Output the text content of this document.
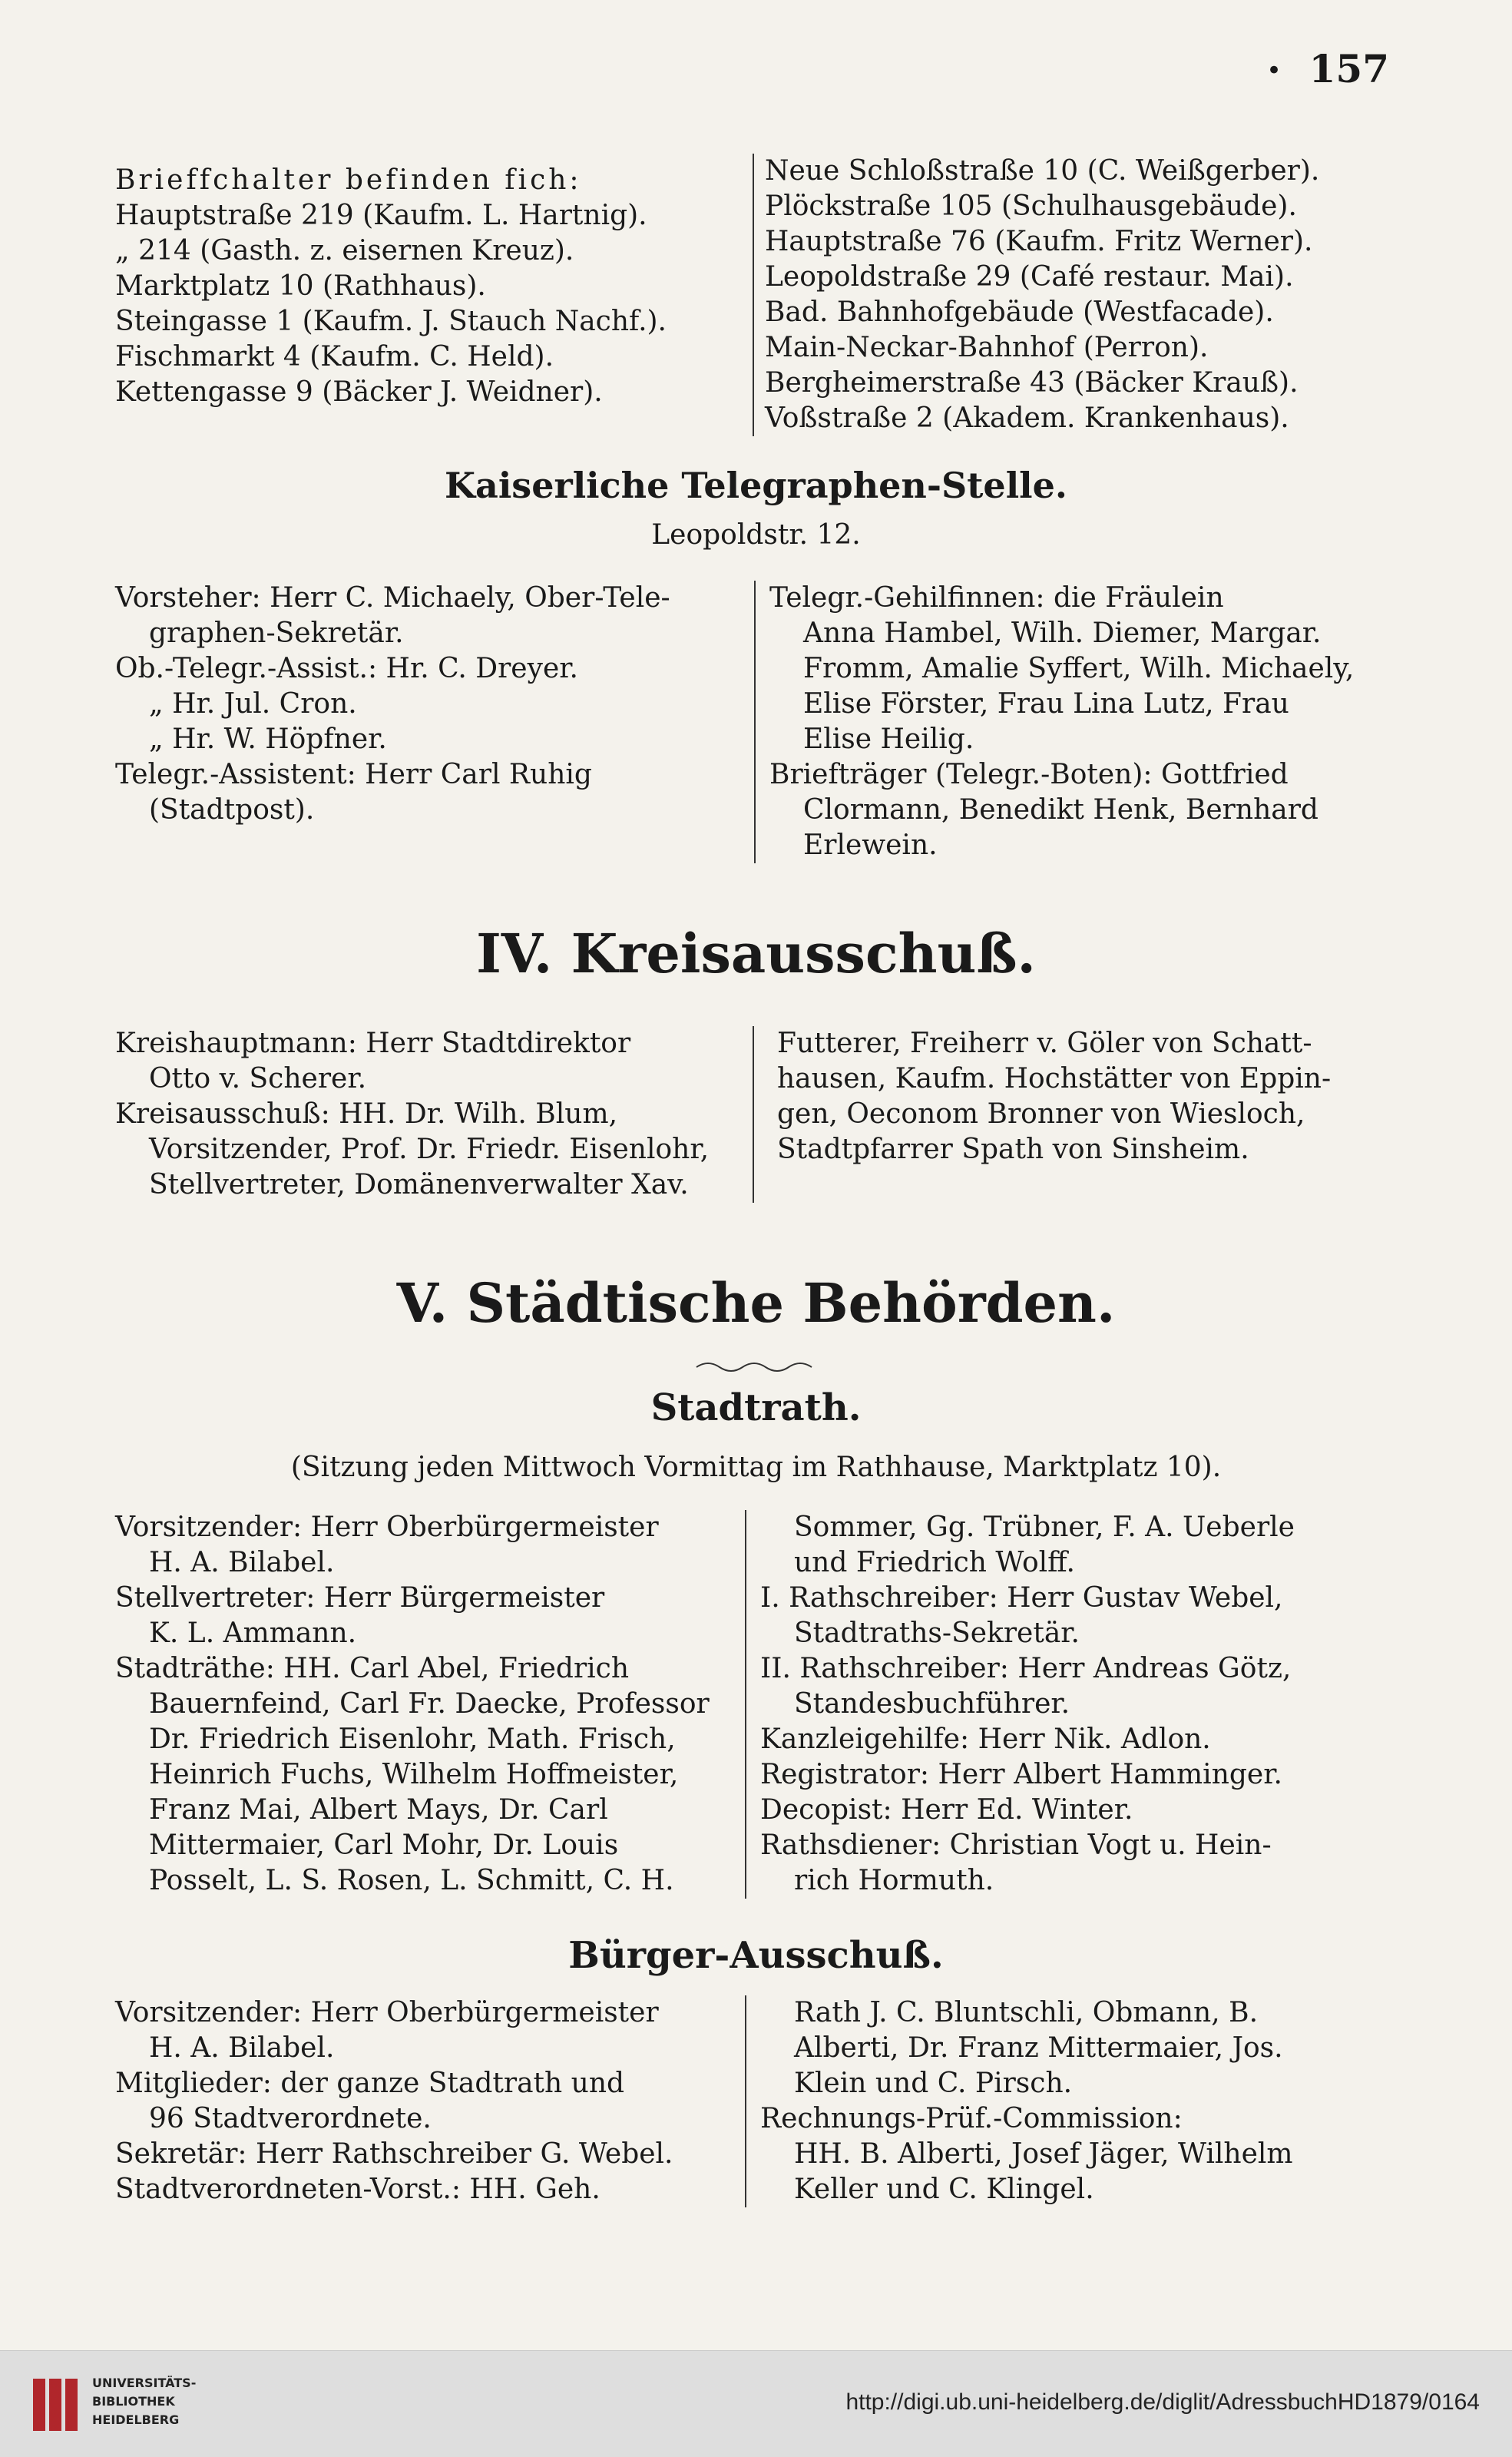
• 157
Brieffchalter befinden fich:
Hauptstraße 219 (Kaufm. L. Hartnig).
„ 214 (Gasth. z. eisernen Kreuz).
Marktplatz 10 (Rathhaus).
Steingasse 1 (Kaufm. J. Stauch Nachf.).
Fischmarkt 4 (Kaufm. C. Held).
Kettengasse 9 (Bäcker J. Weidner).
Neue Schloßstraße 10 (C. Weißgerber).
Plöckstraße 105 (Schulhausgebäude).
Hauptstraße 76 (Kaufm. Fritz Werner).
Leopoldstraße 29 (Café restaur. Mai).
Bad. Bahnhofgebäude (Westfacade).
Main-Neckar-Bahnhof (Perron).
Bergheimerstraße 43 (Bäcker Krauß).
Voßstraße 2 (Akadem. Krankenhaus).
Kaiserliche Telegraphen-Stelle.
Leopoldstr. 12.
Vorsteher: Herr C. Michaely, Ober-Tele-
graphen-Sekretär.
Ob.-Telegr.-Assist.: Hr. C. Dreyer.
„ Hr. Jul. Cron.
„ Hr. W. Höpfner.
Telegr.-Assistent: Herr Carl Ruhig
(Stadtpost).
Telegr.-Gehilfinnen: die Fräulein
Anna Hambel, Wilh. Diemer, Margar.
Fromm, Amalie Syffert, Wilh. Michaely,
Elise Förster, Frau Lina Lutz, Frau
Elise Heilig.
Briefträger (Telegr.-Boten): Gottfried
Clormann, Benedikt Henk, Bernhard
Erlewein.
IV. Kreisausschuß.
Kreishauptmann: Herr Stadtdirektor
Otto v. Scherer.
Kreisausschuß: HH. Dr. Wilh. Blum,
Vorsitzender, Prof. Dr. Friedr. Eisenlohr,
Stellvertreter, Domänenverwalter Xav.
Futterer, Freiherr v. Göler von Schatt-
hausen, Kaufm. Hochstätter von Eppin-
gen, Oeconom Bronner von Wiesloch,
Stadtpfarrer Spath von Sinsheim.
V. Städtische Behörden.
Stadtrath.
(Sitzung jeden Mittwoch Vormittag im Rathhause, Marktplatz 10).
Vorsitzender: Herr Oberbürgermeister
H. A. Bilabel.
Stellvertreter: Herr Bürgermeister
K. L. Ammann.
Stadträthe: HH. Carl Abel, Friedrich
Bauernfeind, Carl Fr. Daecke, Professor
Dr. Friedrich Eisenlohr, Math. Frisch,
Heinrich Fuchs, Wilhelm Hoffmeister,
Franz Mai, Albert Mays, Dr. Carl
Mittermaier, Carl Mohr, Dr. Louis
Posselt, L. S. Rosen, L. Schmitt, C. H.
Sommer, Gg. Trübner, F. A. Ueberle
und Friedrich Wolff.
I. Rathschreiber: Herr Gustav Webel,
Stadtraths-Sekretär.
II. Rathschreiber: Herr Andreas Götz,
Standesbuchführer.
Kanzleigehilfe: Herr Nik. Adlon.
Registrator: Herr Albert Hamminger.
Decopist: Herr Ed. Winter.
Rathsdiener: Christian Vogt u. Hein-
rich Hormuth.
Bürger-Ausschuß.
Vorsitzender: Herr Oberbürgermeister
H. A. Bilabel.
Mitglieder: der ganze Stadtrath und
96 Stadtverordnete.
Sekretär: Herr Rathschreiber G. Webel.
Stadtverordneten-Vorst.: HH. Geh.
Rath J. C. Bluntschli, Obmann, B.
Alberti, Dr. Franz Mittermaier, Jos.
Klein und C. Pirsch.
Rechnungs-Prüf.-Commission:
HH. B. Alberti, Josef Jäger, Wilhelm
Keller und C. Klingel.
UNIVERSITÄTS-
BIBLIOTHEK
HEIDELBERG
http://digi.ub.uni-heidelberg.de/diglit/AdressbuchHD1879/0164
